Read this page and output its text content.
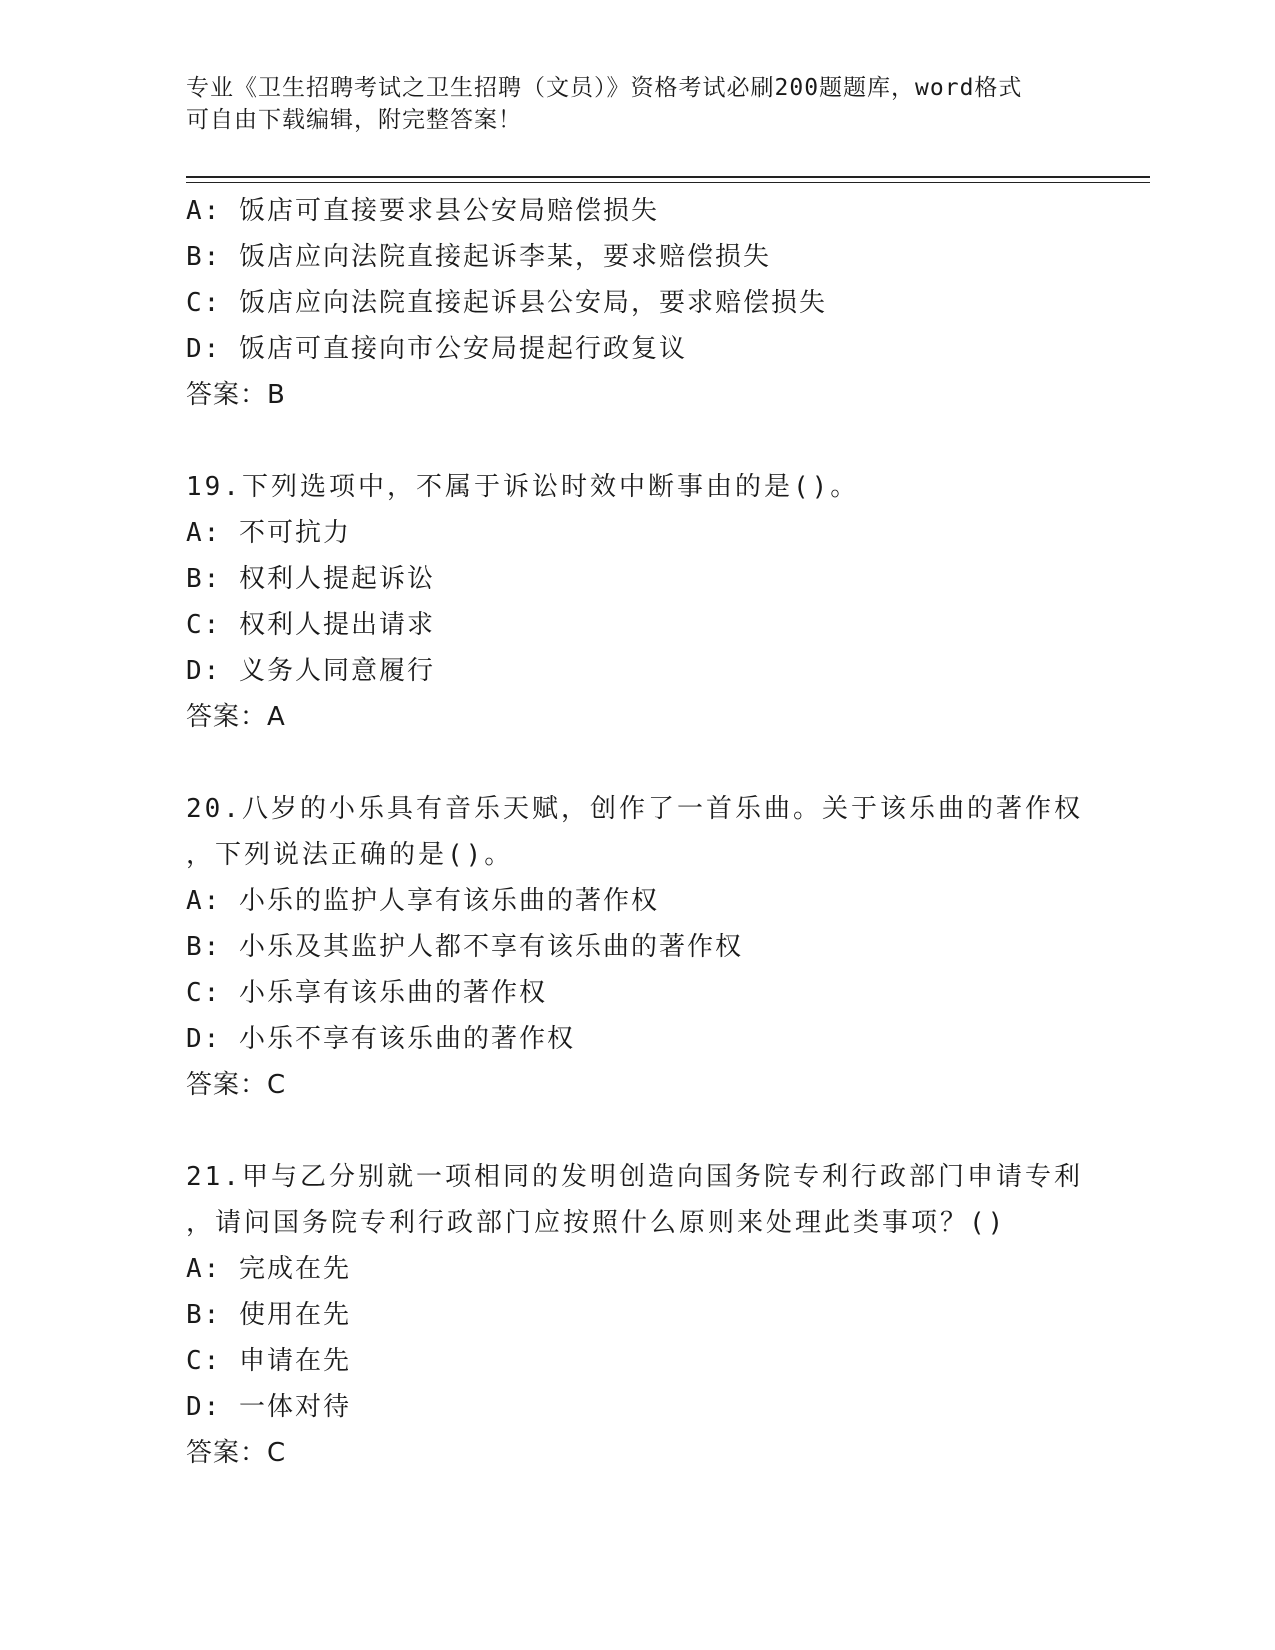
专业《卫生招聘考试之卫生招聘（文员）》资格考试必刷200题题库，word格式
可自由下载编辑，附完整答案！
A: 饭店可直接要求县公安局赔偿损失
B: 饭店应向法院直接起诉李某，要求赔偿损失
C: 饭店应向法院直接起诉县公安局，要求赔偿损失
D: 饭店可直接向市公安局提起行政复议
答案：B
19.下列选项中，不属于诉讼时效中断事由的是()。
A: 不可抗力
B: 权利人提起诉讼
C: 权利人提出请求
D: 义务人同意履行
答案：A
20.八岁的小乐具有音乐天赋，创作了一首乐曲。关于该乐曲的著作权
，下列说法正确的是()。
A: 小乐的监护人享有该乐曲的著作权
B: 小乐及其监护人都不享有该乐曲的著作权
C: 小乐享有该乐曲的著作权
D: 小乐不享有该乐曲的著作权
答案：C
21.甲与乙分别就一项相同的发明创造向国务院专利行政部门申请专利
，请问国务院专利行政部门应按照什么原则来处理此类事项？()
A: 完成在先
B: 使用在先
C: 申请在先
D: 一体对待
答案：C
